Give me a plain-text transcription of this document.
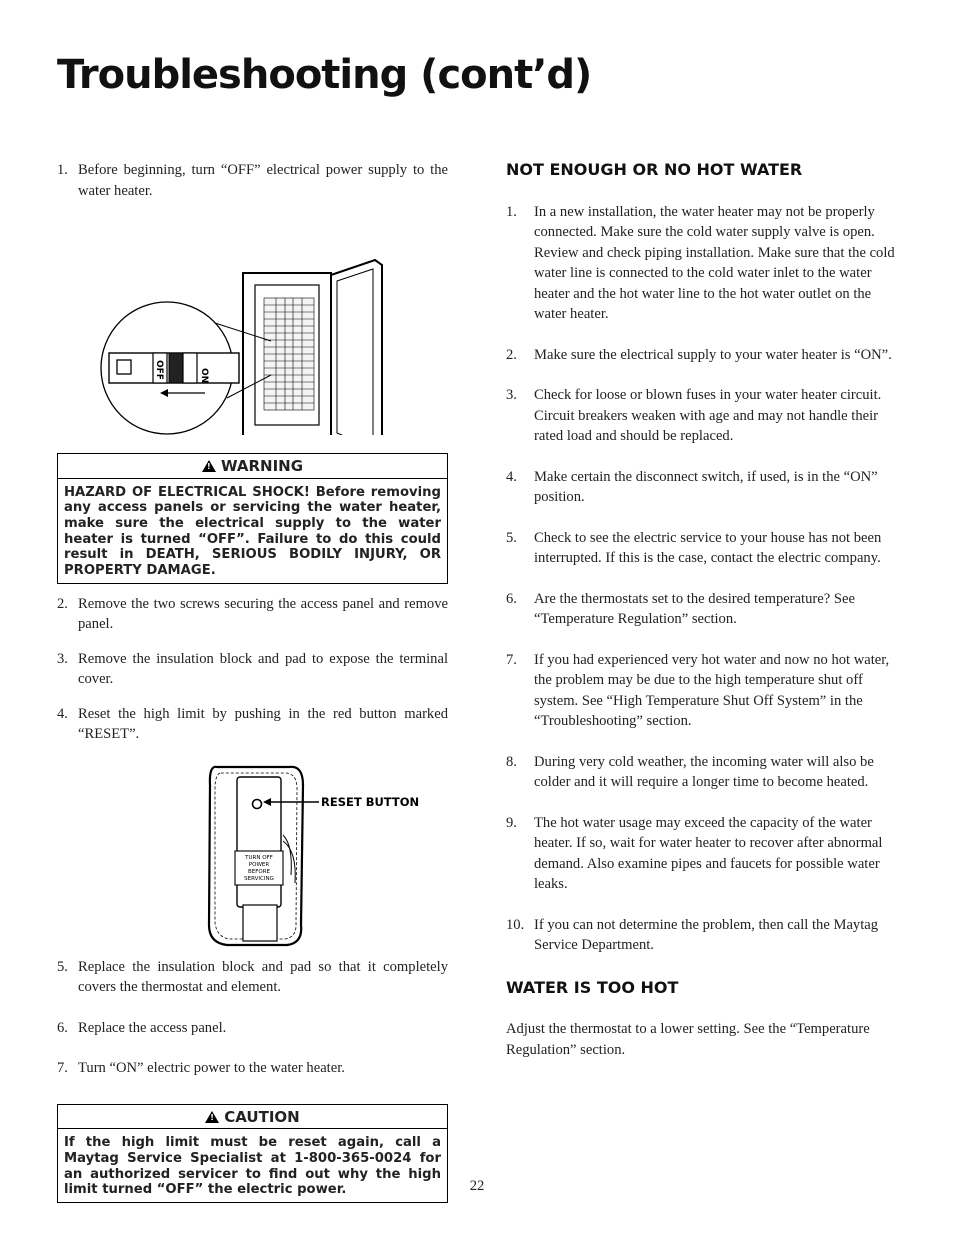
Troubleshooting (cont’d)

1. Before beginning, turn “OFF” electrical power supply to the water heater.

OFF	ON
!WARNING
HAZARD OF ELECTRICAL SHOCK! Before removing any access panels or servicing the water heater, make sure the electrical supply to the water heater is turned “OFF”. Failure to do this could result in DEATH, SERIOUS BODILY INJURY, OR PROPERTY DAMAGE.

2. Remove the two screws securing the access panel and remove panel.

3. Remove the insulation block and pad to expose the terminal cover.

4. Reset the high limit by pushing in the red button marked “RESET”.

RESET BUTTON
TURN OFF
POWER
BEFORE
SERVICING

5. Replace the insulation block and pad so that it completely covers the thermostat and element.

6. Replace the access panel.

7. Turn “ON” electric power to the water heater.

!CAUTION
If the high limit must be reset again, call a Maytag Service Specialist at 1-800-365-0024 for an authorized servicer to find out why the high limit turned “OFF” the electric power.
NOT ENOUGH OR NO HOT WATER

1. In a new installation, the water heater may not be properly connected. Make sure the cold water supply valve is open. Review and check piping installation. Make sure that the cold water line is connected to the cold water inlet to the water heater and the hot water line to the hot water outlet on the water heater.

2. Make sure the electrical supply to your water heater is “ON”.

3. Check for loose or blown fuses in your water heater circuit. Circuit breakers weaken with age and may not handle their rated load and should be replaced.

4. Make certain the disconnect switch, if used, is in the “ON” position.

5. Check to see the electric service to your house has not been interrupted. If this is the case, contact the electric company.

6. Are the thermostats set to the desired temperature? See “Temperature Regulation” section.

7. If you had experienced very hot water and now no hot water, the problem may be due to the high temperature shut off system. See “High Temperature Shut Off System” in the “Troubleshooting” section.

8. During very cold weather, the incoming water will also be colder and it will require a longer time to become heated.

9. The hot water usage may exceed the capacity of the water heater. If so, wait for water heater to recover after abnormal demand. Also examine pipes and faucets for possible water leaks.

10. If you can not determine the problem, then call the Maytag Service Department.

WATER IS TOO HOT

Adjust the thermostat to a lower setting. See the “Temperature Regulation” section.

22
